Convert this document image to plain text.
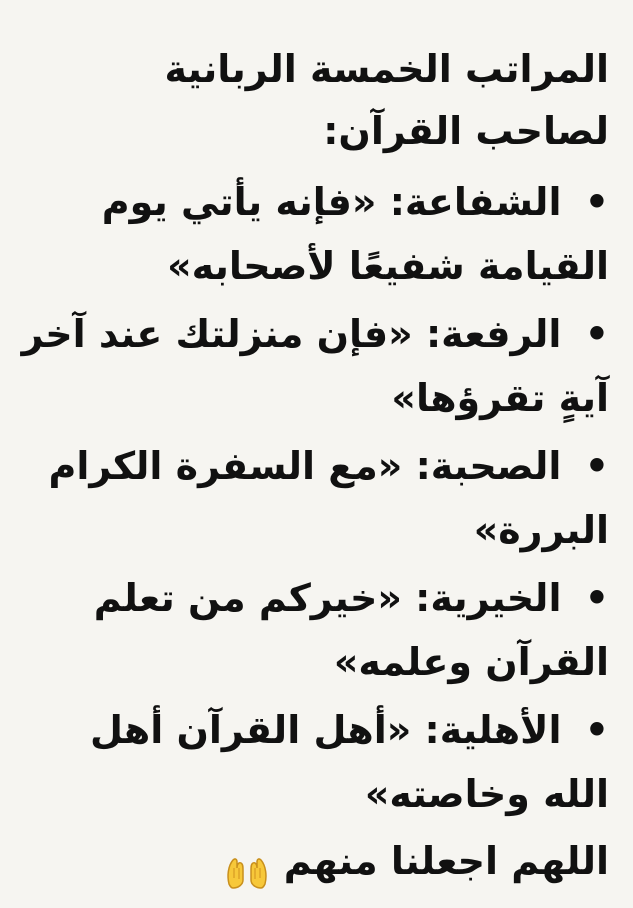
المراتب الخمسة الربانية لصاحب القرآن:
• الشفاعة: «فإنه يأتي يوم القيامة شفيعًا لأصحابه»
• الرفعة: «فإن منزلتك عند آخر آيةٍ تقرؤها»
• الصحبة: «مع السفرة الكرام البررة»
• الخيرية: «خيركم من تعلم القرآن وعلمه»
• الأهلية: «أهل القرآن أهل الله وخاصته»
اللهم اجعلنا منهم
